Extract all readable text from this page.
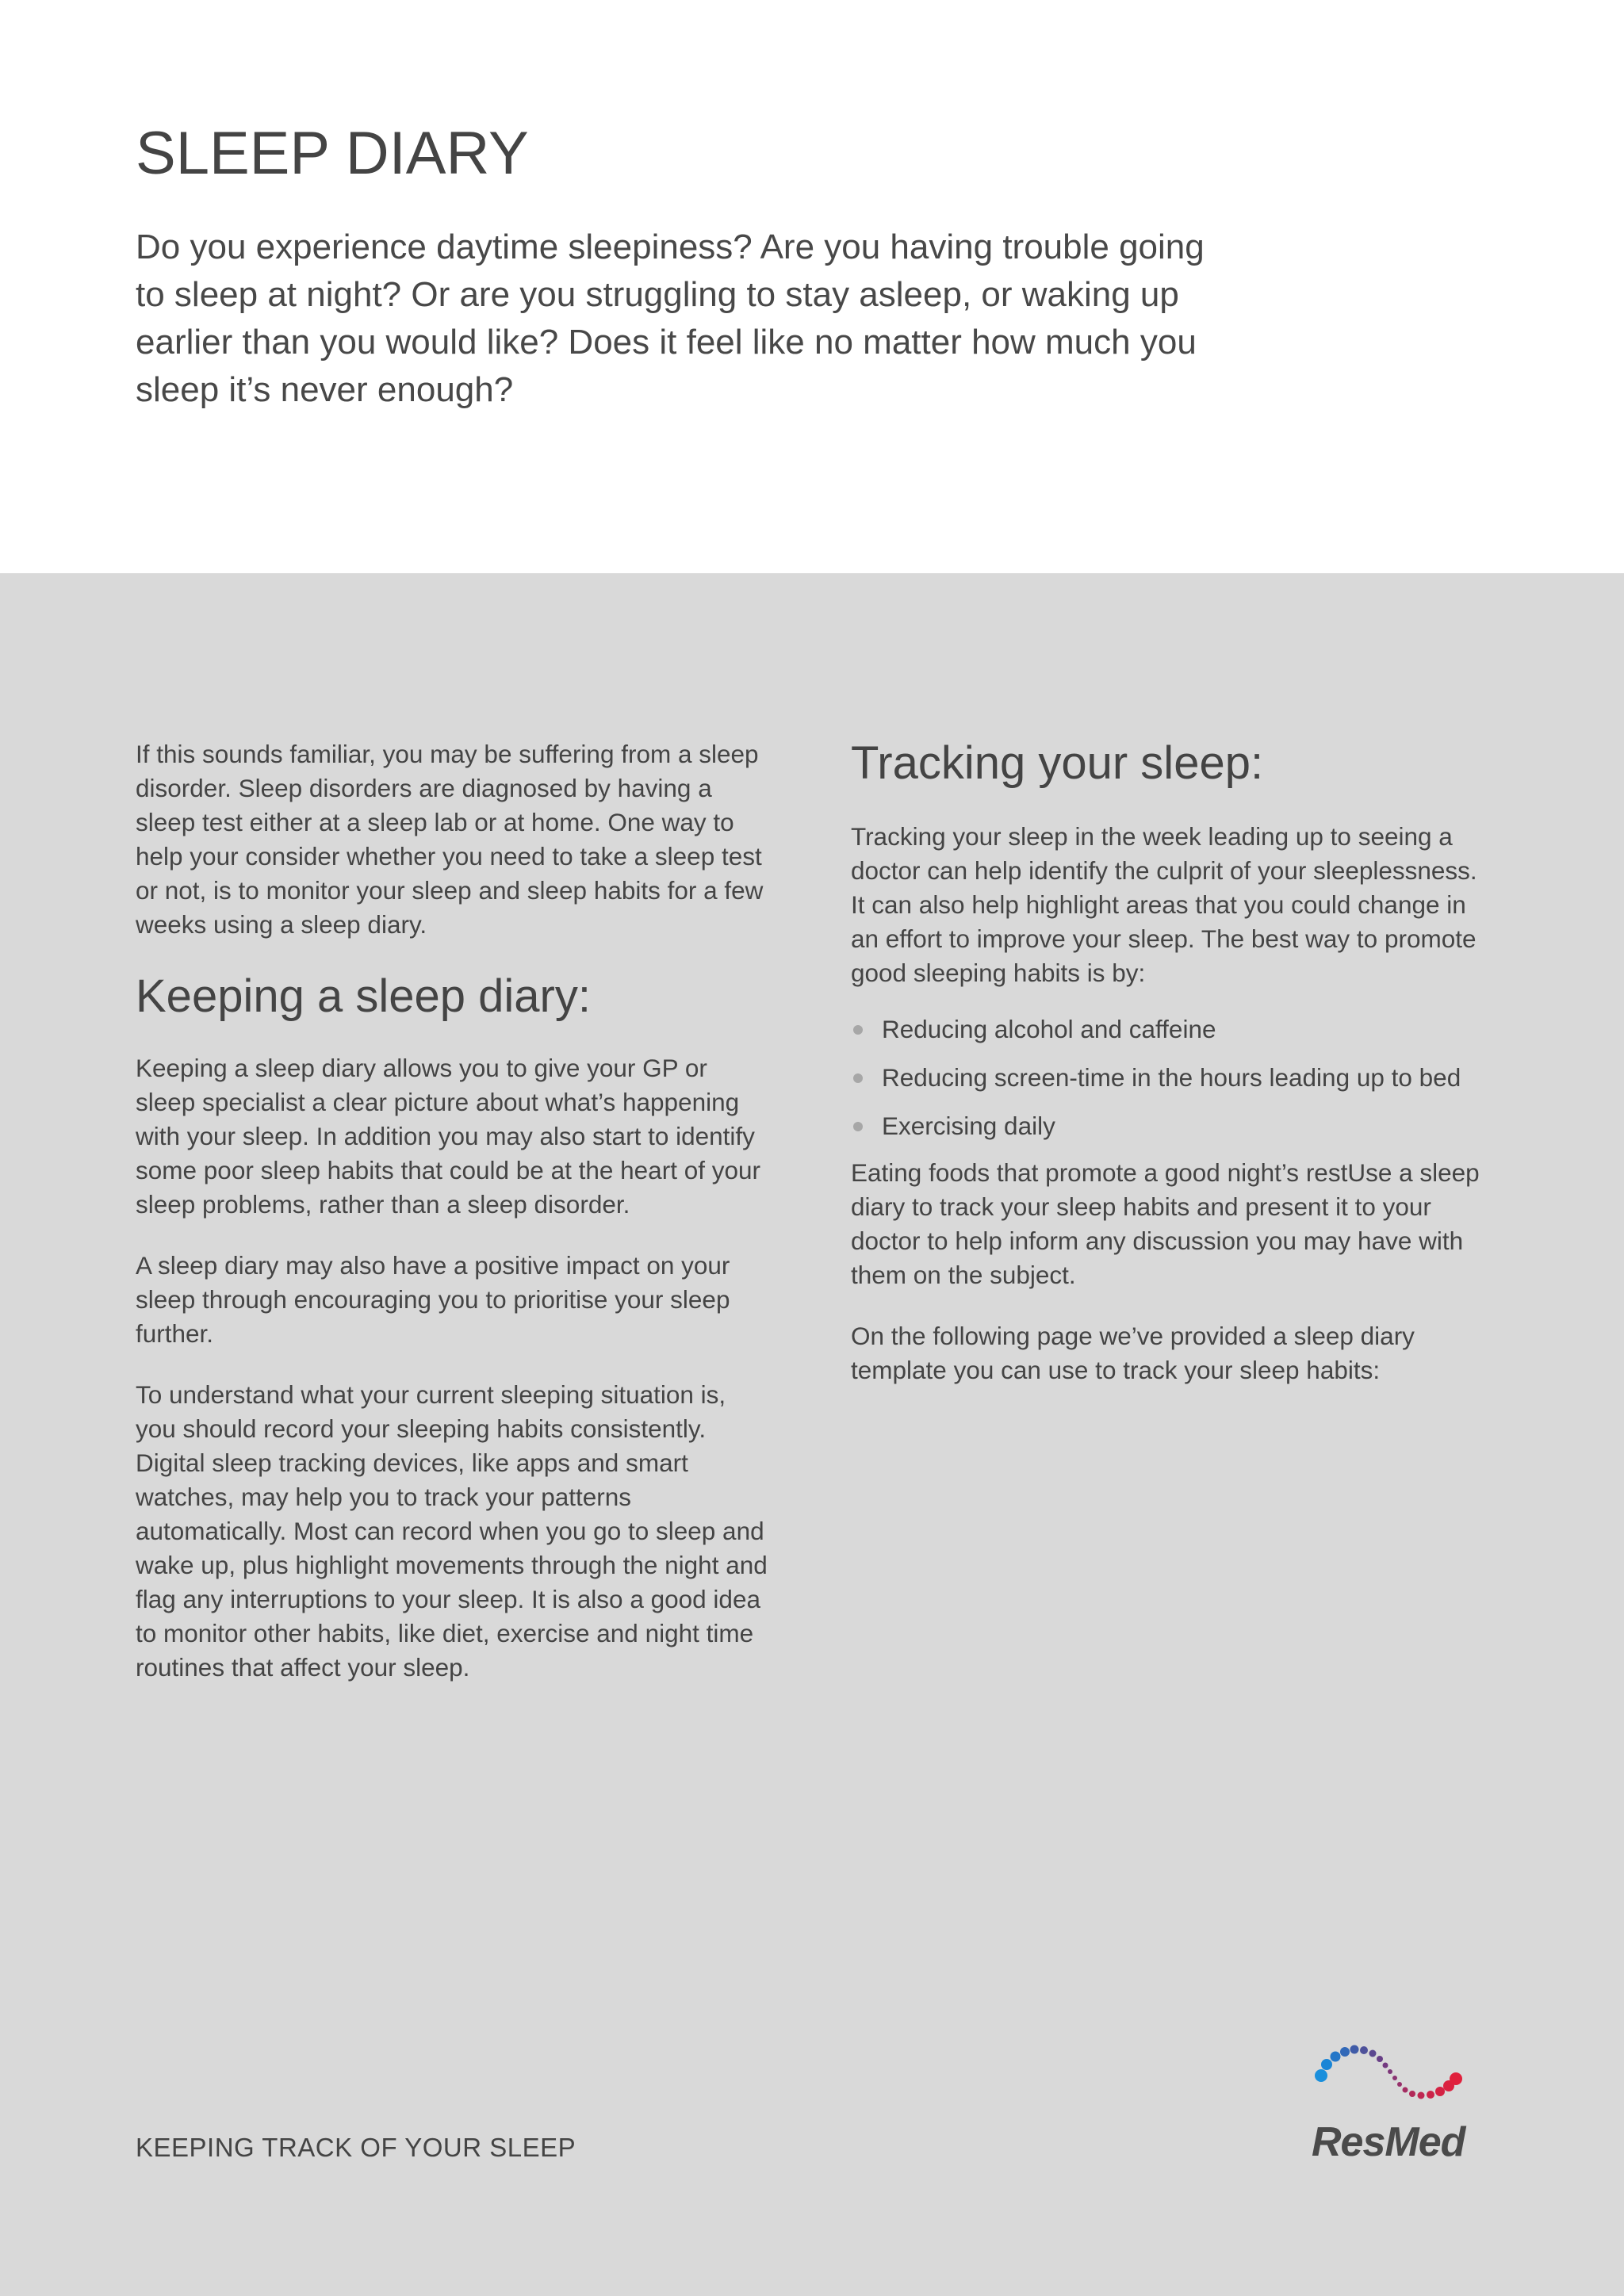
SLEEP DIARY

Do you experience daytime sleepiness? Are you having trouble going to sleep at night? Or are you struggling to stay asleep, or waking up earlier than you would like? Does it feel like no matter how much you sleep it’s never enough?

If this sounds familiar, you may be suffering from a sleep disorder. Sleep disorders are diagnosed by having a sleep test either at a sleep lab or at home. One way to help your consider whether you need to take a sleep test or not, is to monitor your sleep and sleep habits for a few weeks using a sleep diary.

Keeping a sleep diary:

Keeping a sleep diary allows you to give your GP or sleep specialist a clear picture about what’s happening with your sleep. In addition you may also start to identify some poor sleep habits that could be at the heart of your sleep problems, rather than a sleep disorder.

A sleep diary may also have a positive impact on your sleep through encouraging you to prioritise your sleep further.

To understand what your current sleeping situation is, you should record your sleeping habits consistently. Digital sleep tracking devices, like apps and smart watches, may help you to track your patterns automatically. Most can record when you go to sleep and wake up, plus highlight movements through the night and flag any interruptions to your sleep. It is also a good idea to monitor other habits, like diet, exercise and night time routines that affect your sleep.

Tracking your sleep:

Tracking your sleep in the week leading up to seeing a doctor can help identify the culprit of your sleeplessness. It can also help highlight areas that you could change in an effort to improve your sleep. The best way to promote good sleeping habits is by:

Reducing alcohol and caffeine
Reducing screen-time in the hours leading up to bed
Exercising daily

Eating foods that promote a good night’s restUse a sleep diary to track your sleep habits and present it to your doctor to help inform any discussion you may have with them on the subject.

On the following page we’ve provided a sleep diary template you can use to track your sleep habits:

KEEPING TRACK OF YOUR SLEEP	ResMed
